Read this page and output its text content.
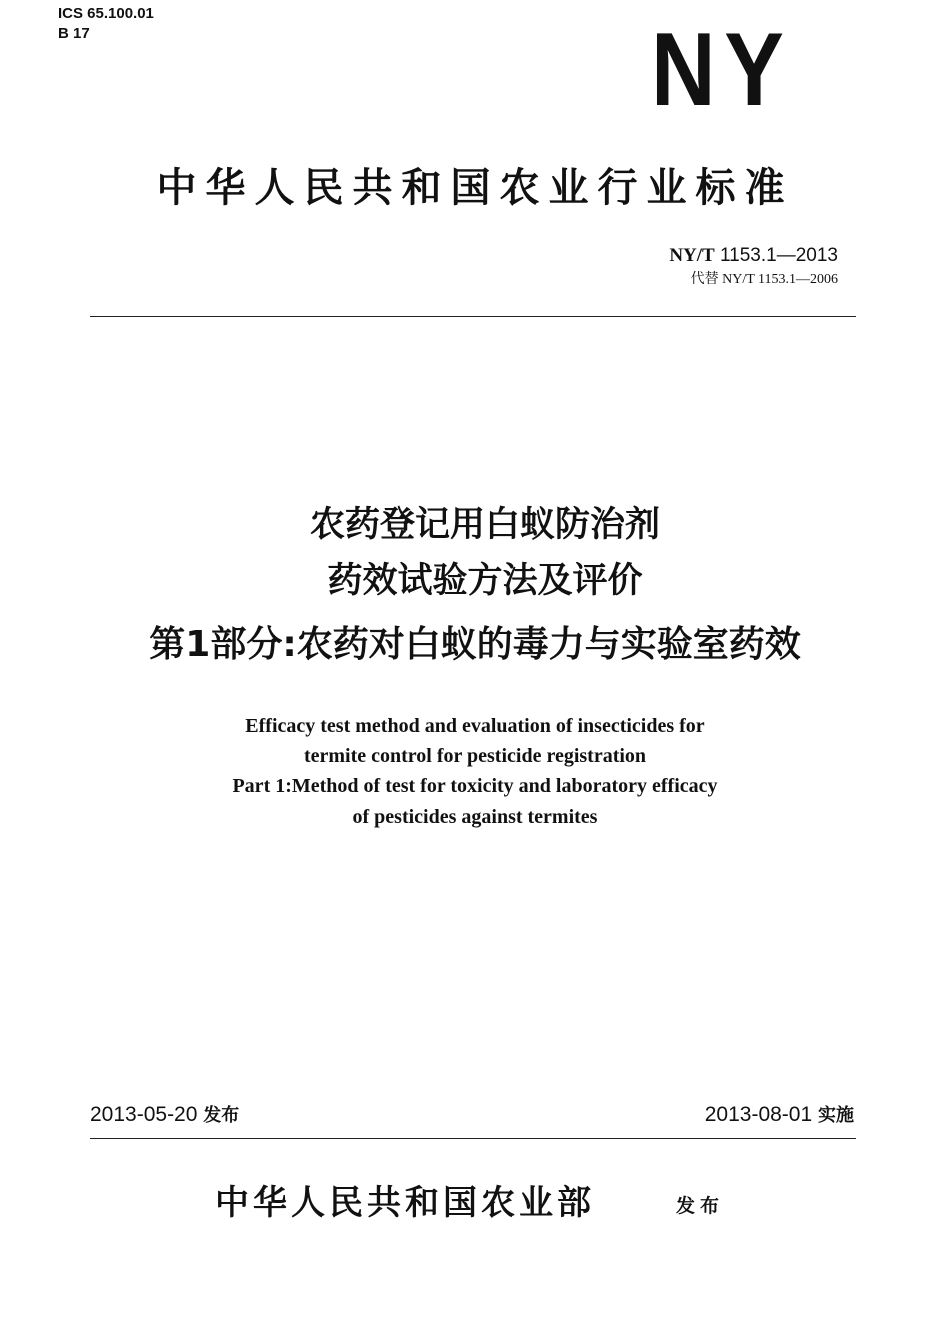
ICS 65.100.01
B 17	NY
中华人民共和国农业行业标准
NY/T 1153.1—2013
代替 NY/T 1153.1—2006
农药登记用白蚁防治剂
药效试验方法及评价
第1部分:农药对白蚁的毒力与实验室药效
Efficacy test method and evaluation of insecticides for
termite control for pesticide registration
Part 1:Method of test for toxicity and laboratory efficacy
of pesticides against termites
2013-05-20 发布	2013-08-01 实施
中华人民共和国农业部	发布
